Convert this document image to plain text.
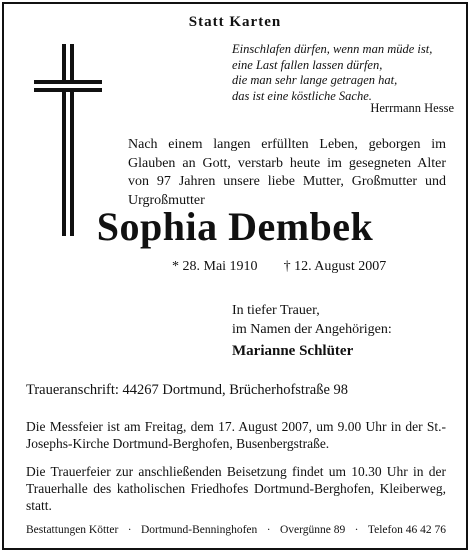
Statt Karten
Einschlafen dürfen, wenn man müde ist,
eine Last fallen lassen dürfen,
die man sehr lange getragen hat,
das ist eine köstliche Sache.
Herrmann Hesse
Nach einem langen erfüllten Leben, geborgen im Glauben an Gott, verstarb heute im gesegneten Alter von 97 Jahren unsere liebe Mutter, Großmutter und Urgroßmutter
Sophia Dembek
* 28. Mai 1910 † 12. August 2007
In tiefer Trauer,
im Namen der Angehörigen:
Marianne Schlüter
Traueranschrift: 44267 Dortmund, Brücherhofstraße 98
Die Messfeier ist am Freitag, dem 17. August 2007, um 9.00 Uhr in der St.-Josephs-Kirche Dortmund-Berghofen, Busenbergstraße.
Die Trauerfeier zur anschließenden Beisetzung findet um 10.30 Uhr in der Trauerhalle des katholischen Friedhofes Dortmund-Berghofen, Kleiberweg, statt.
Bestattungen Kötter · Dortmund-Benninghofen · Overgünne 89 · Telefon 46 42 76
